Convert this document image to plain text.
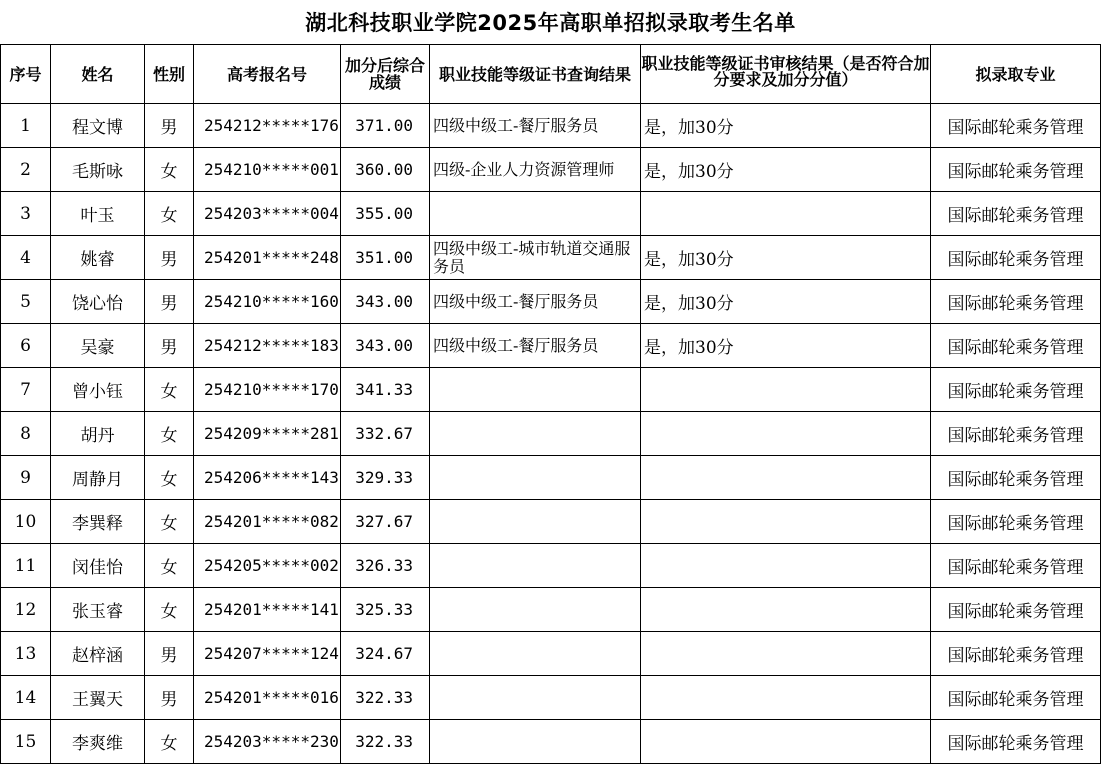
湖北科技职业学院2025年高职单招拟录取考生名单
序号	姓名	性别	高考报名号	加分后综合成绩	职业技能等级证书查询结果	职业技能等级证书审核结果（是否符合加分要求及加分分值）	拟录取专业
1	程文博	男	254212*****176	371.00	四级中级工-餐厅服务员	是，加30分	国际邮轮乘务管理
2	毛斯咏	女	254210*****001	360.00	四级-企业人力资源管理师	是，加30分	国际邮轮乘务管理
3	叶玉	女	254203*****004	355.00			国际邮轮乘务管理
4	姚睿	男	254201*****248	351.00	四级中级工-城市轨道交通服务员	是，加30分	国际邮轮乘务管理
5	饶心怡	男	254210*****160	343.00	四级中级工-餐厅服务员	是，加30分	国际邮轮乘务管理
6	吴豪	男	254212*****183	343.00	四级中级工-餐厅服务员	是，加30分	国际邮轮乘务管理
7	曾小钰	女	254210*****170	341.33			国际邮轮乘务管理
8	胡丹	女	254209*****281	332.67			国际邮轮乘务管理
9	周静月	女	254206*****143	329.33			国际邮轮乘务管理
10	李巽释	女	254201*****082	327.67			国际邮轮乘务管理
11	闵佳怡	女	254205*****002	326.33			国际邮轮乘务管理
12	张玉睿	女	254201*****141	325.33			国际邮轮乘务管理
13	赵梓涵	男	254207*****124	324.67			国际邮轮乘务管理
14	王翼天	男	254201*****016	322.33			国际邮轮乘务管理
15	李爽维	女	254203*****230	322.33			国际邮轮乘务管理
